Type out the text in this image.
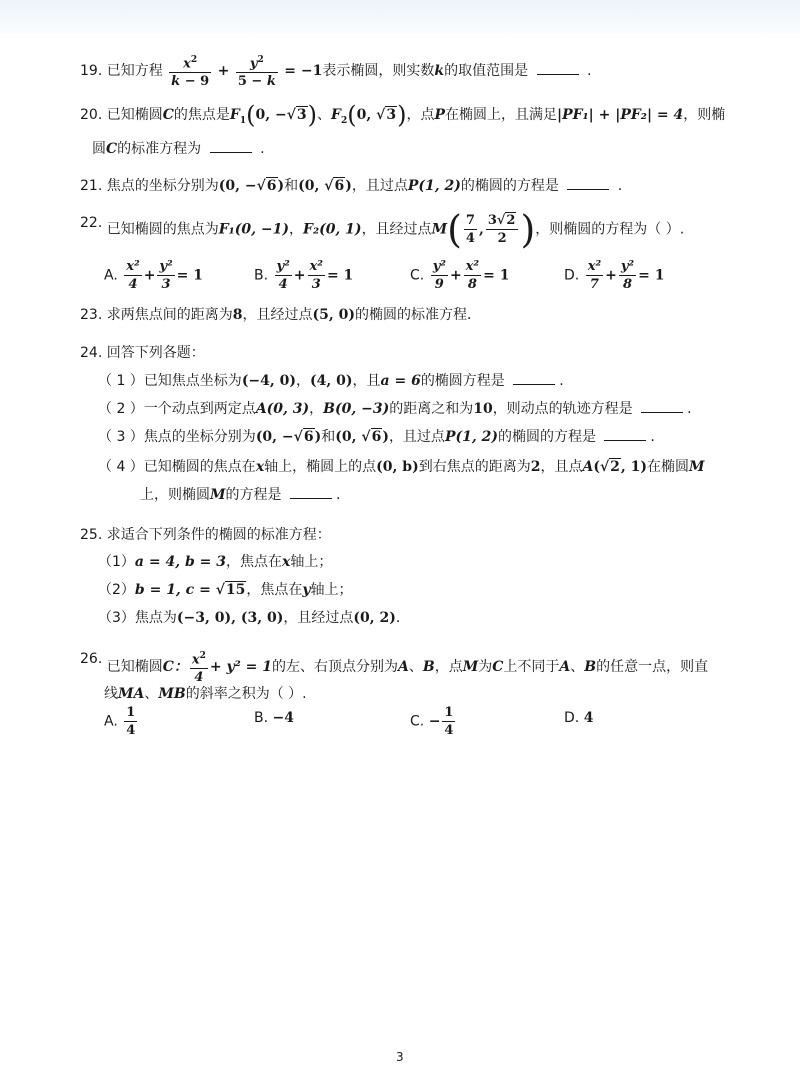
19. 已知方程 $\frac{x^2}{k - 9} + \frac{y^2}{5 - k} = -1$表示椭圆，则实数k的取值范围是	.
20. 已知椭圆C的焦点是$F_1(0$, −√3)、$F_2(0$, √3)，点P在椭圆上，且满足|PF₁| + |PF₂| = 4，则椭
圆C的标准方程为	.
21. 焦点的坐标分别为(0, −√6)和(0, √6)，且过点P(1, 2)的椭圆的方程是	.
22. 已知椭圆的焦点为F₁(0, −1)，F₂(0, 1)，且经过点$M( \frac{7}{4}$ , $\frac{3√2}{2}$ )，则椭圆的方程为（ ）.
A. $\frac{\text{x²}}{4} + \frac{\text{y²}}{3} = 1$	B. $\frac{\text{y²}}{4} + \frac{\text{x²}}{3} = 1$	C. $\frac{\text{y²}}{9} + \frac{\text{x²}}{8} = 1$	D. $\frac{\text{x²}}{7} + \frac{\text{y²}}{8} = 1$
23. 求两焦点间的距离为8，且经过点(5, 0)的椭圆的标准方程．
24. 回答下列各题：
（ 1 ）已知焦点坐标为(−4, 0)，(4, 0)，且a = 6的椭圆方程是	.
（ 2 ）一个动点到两定点A(0, 3)，B(0, −3)的距离之和为10，则动点的轨迹方程是	.
（ 3 ）焦点的坐标分别为(0, −√6)和(0, √6)，且过点P(1, 2)的椭圆的方程是	.
（ 4 ）已知椭圆的焦点在x轴上，椭圆上的点(0, b)到右焦点的距离为2，且点A(√2, 1)在椭圆M
上，则椭圆M的方程是	.
25. 求适合下列条件的椭圆的标准方程：
（1）a = 4, b = 3，焦点在x轴上；
（2）b = 1, c = √15，焦点在y轴上；
（3）焦点为(−3, 0), (3, 0)，且经过点(0, 2).
26. 已知椭圆C： $\frac{x^2}{4} + y^2 = 1$的左、右顶点分别为A、B，点M为C上不同于A、B的任意一点，则直
线MA、MB的斜率之积为（ ）.
A. $\frac{1}{4}$	B. −4	C. − $\frac{1}{4}$	D. 4
3
